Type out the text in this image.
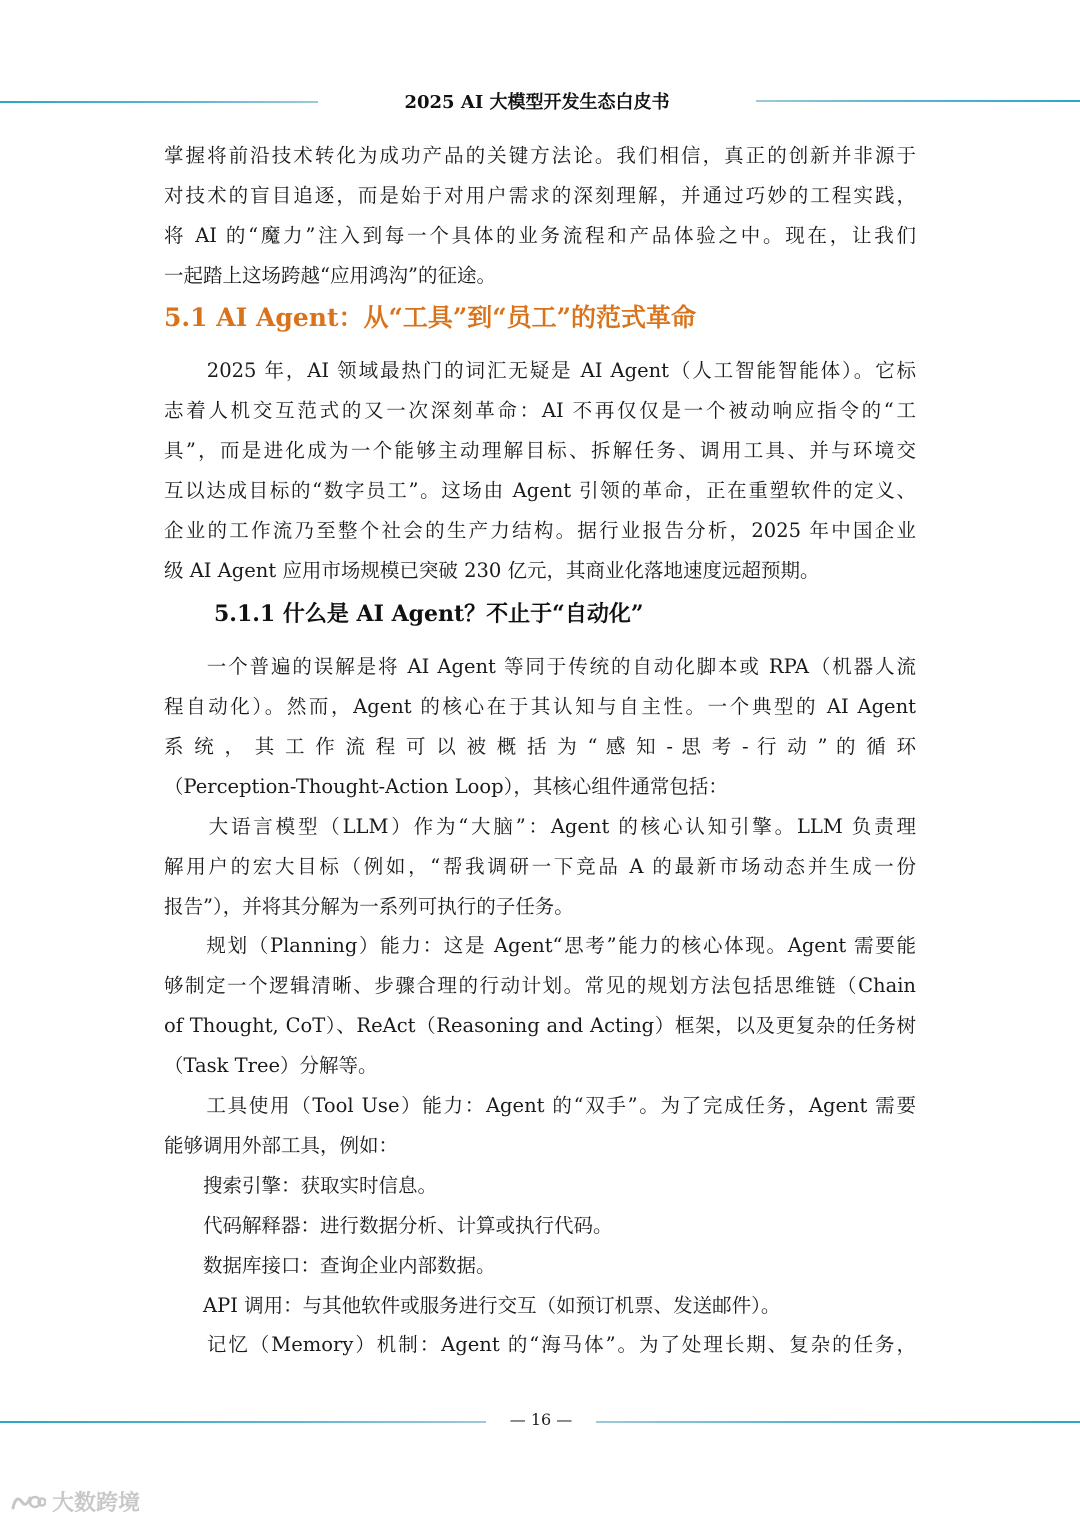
2025 AI 大模型开发生态白皮书
掌握将前沿技术转化为成功产品的关键方法论。我们相信，真正的创新并非源于
对技术的盲目追逐，而是始于对用户需求的深刻理解，并通过巧妙的工程实践，
将 AI 的“魔力”注入到每一个具体的业务流程和产品体验之中。现在，让我们
一起踏上这场跨越“应用鸿沟”的征途。
5.1 AI Agent：从“工具”到“员工”的范式革命
　　2025 年，AI 领域最热门的词汇无疑是 AI Agent（人工智能智能体）。它标
志着人机交互范式的又一次深刻革命：AI 不再仅仅是一个被动响应指令的“工
具”，而是进化成为一个能够主动理解目标、拆解任务、调用工具、并与环境交
互以达成目标的“数字员工”。这场由 Agent 引领的革命，正在重塑软件的定义、
企业的工作流乃至整个社会的生产力结构。据行业报告分析，2025 年中国企业
级 AI Agent 应用市场规模已突破 230 亿元，其商业化落地速度远超预期。
5.1.1 什么是 AI Agent？不止于“自动化”
　　一个普遍的误解是将 AI Agent 等同于传统的自动化脚本或 RPA（机器人流
程自动化）。然而，Agent 的核心在于其认知与自主性。一个典型的 AI Agent
系 统 ， 其 工 作 流 程 可 以 被 概 括 为 “ 感 知 - 思 考 - 行 动 ” 的 循 环
（Perception-Thought-Action Loop），其核心组件通常包括：
　　大语言模型（LLM）作为“大脑”：Agent 的核心认知引擎。LLM 负责理
解用户的宏大目标（例如，“帮我调研一下竞品 A 的最新市场动态并生成一份
报告”），并将其分解为一系列可执行的子任务。
　　规划（Planning）能力：这是 Agent“思考”能力的核心体现。Agent 需要能
够制定一个逻辑清晰、步骤合理的行动计划。常见的规划方法包括思维链（Chain
of Thought, CoT）、ReAct（Reasoning and Acting）框架，以及更复杂的任务树
（Task Tree）分解等。
　　工具使用（Tool Use）能力：Agent 的“双手”。为了完成任务，Agent 需要
能够调用外部工具，例如：
　　搜索引擎：获取实时信息。
　　代码解释器：进行数据分析、计算或执行代码。
　　数据库接口：查询企业内部数据。
　　API 调用：与其他软件或服务进行交互（如预订机票、发送邮件）。
　　记忆（Memory）机制：Agent 的“海马体”。为了处理长期、复杂的任务，
— 16 —
大数跨境
